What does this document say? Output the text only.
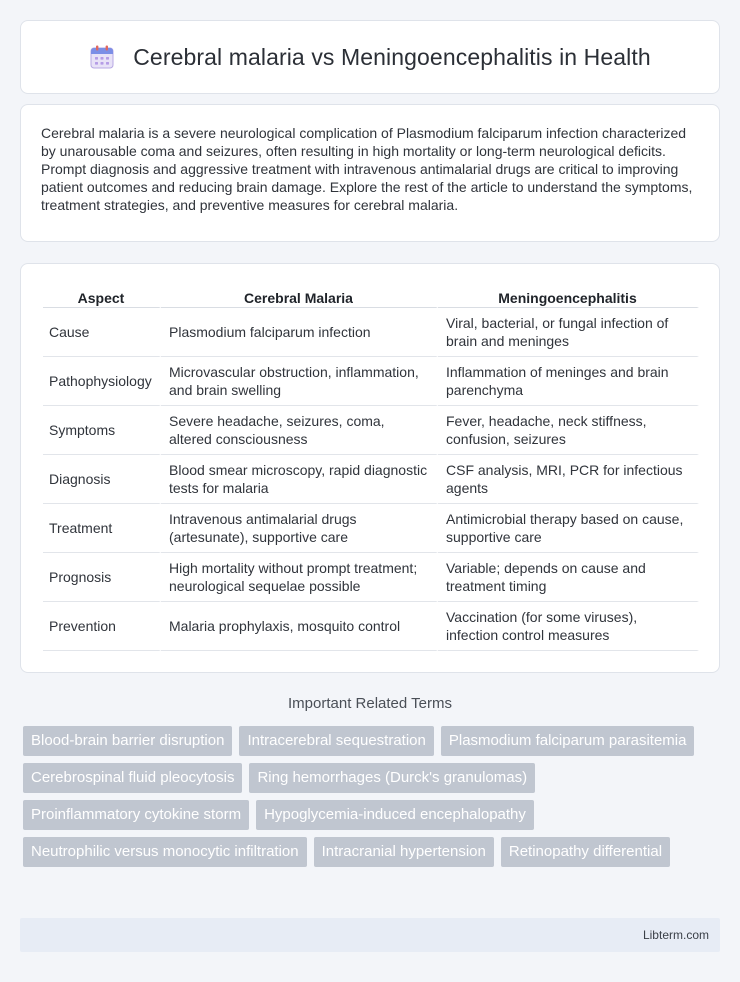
Cerebral malaria vs Meningoencephalitis in Health

Cerebral malaria is a severe neurological complication of Plasmodium falciparum infection characterized by unarousable coma and seizures, often resulting in high mortality or long-term neurological deficits. Prompt diagnosis and aggressive treatment with intravenous antimalarial drugs are critical to improving patient outcomes and reducing brain damage. Explore the rest of the article to understand the symptoms, treatment strategies, and preventive measures for cerebral malaria.

Aspect	Cerebral Malaria	Meningoencephalitis
Cause	Plasmodium falciparum infection	Viral, bacterial, or fungal infection of brain and meninges
Pathophysiology	Microvascular obstruction, inflammation, and brain swelling	Inflammation of meninges and brain parenchyma
Symptoms	Severe headache, seizures, coma, altered consciousness	Fever, headache, neck stiffness, confusion, seizures
Diagnosis	Blood smear microscopy, rapid diagnostic tests for malaria	CSF analysis, MRI, PCR for infectious agents
Treatment	Intravenous antimalarial drugs (artesunate), supportive care	Antimicrobial therapy based on cause, supportive care
Prognosis	High mortality without prompt treatment; neurological sequelae possible	Variable; depends on cause and treatment timing
Prevention	Malaria prophylaxis, mosquito control	Vaccination (for some viruses), infection control measures
Important Related Terms
Blood-brain barrier disruption	Intracerebral sequestration	Plasmodium falciparum parasitemia
Cerebrospinal fluid pleocytosis	Ring hemorrhages (Durck's granulomas)
Proinflammatory cytokine storm	Hypoglycemia-induced encephalopathy
Neutrophilic versus monocytic infiltration	Intracranial hypertension	Retinopathy differential
Libterm.com
